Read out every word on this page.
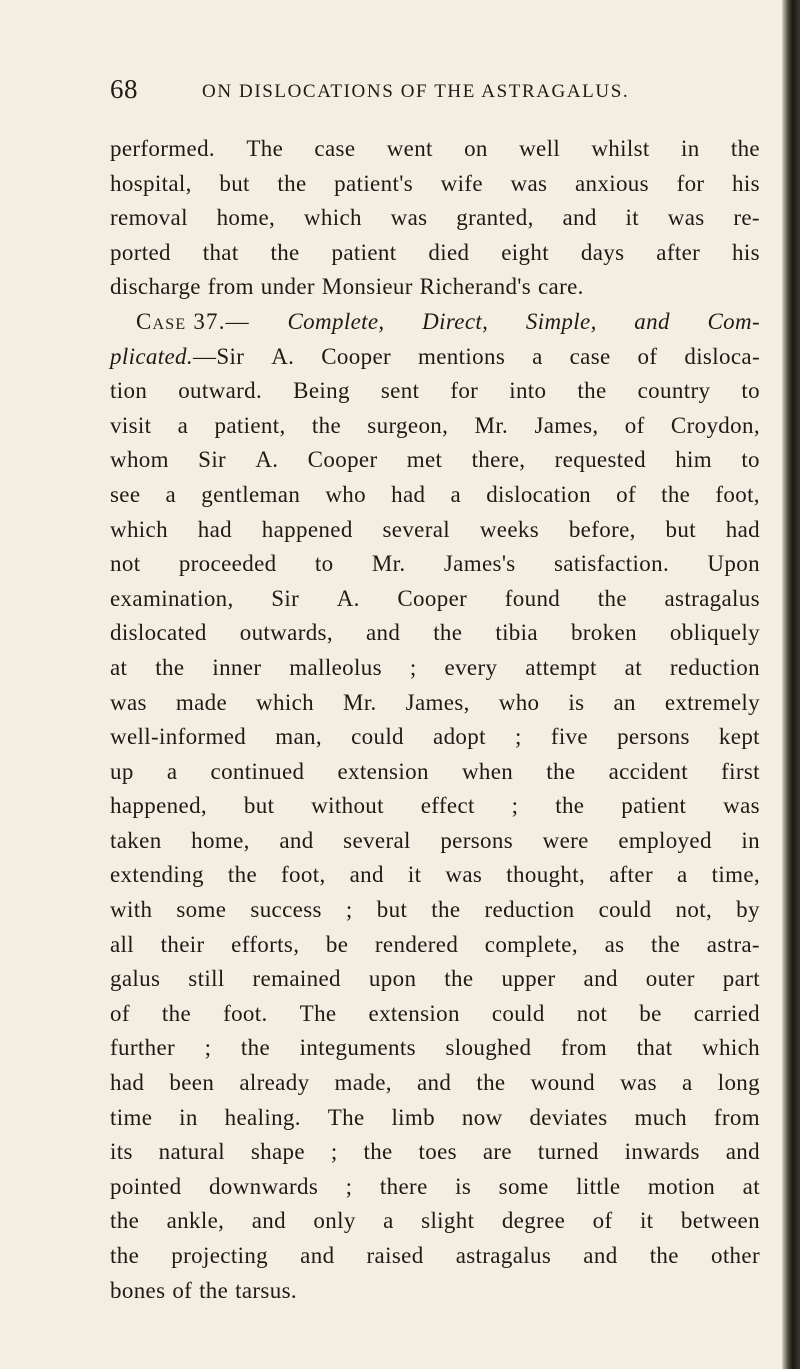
68	ON DISLOCATIONS OF THE ASTRAGALUS.
performed. The case went on well whilst in the
hospital, but the patient's wife was anxious for his
removal home, which was granted, and it was re-
ported that the patient died eight days after his
discharge from under Monsieur Richerand's care.
Case 37.— Complete, Direct, Simple, and Com-
plicated.—Sir A. Cooper mentions a case of disloca-
tion outward. Being sent for into the country to
visit a patient, the surgeon, Mr. James, of Croydon,
whom Sir A. Cooper met there, requested him to
see a gentleman who had a dislocation of the foot,
which had happened several weeks before, but had
not proceeded to Mr. James's satisfaction. Upon
examination, Sir A. Cooper found the astragalus
dislocated outwards, and the tibia broken obliquely
at the inner malleolus ; every attempt at reduction
was made which Mr. James, who is an extremely
well-informed man, could adopt ; five persons kept
up a continued extension when the accident first
happened, but without effect ; the patient was
taken home, and several persons were employed in
extending the foot, and it was thought, after a time,
with some success ; but the reduction could not, by
all their efforts, be rendered complete, as the astra-
galus still remained upon the upper and outer part
of the foot. The extension could not be carried
further ; the integuments sloughed from that which
had been already made, and the wound was a long
time in healing. The limb now deviates much from
its natural shape ; the toes are turned inwards and
pointed downwards ; there is some little motion at
the ankle, and only a slight degree of it between
the projecting and raised astragalus and the other
bones of the tarsus.
